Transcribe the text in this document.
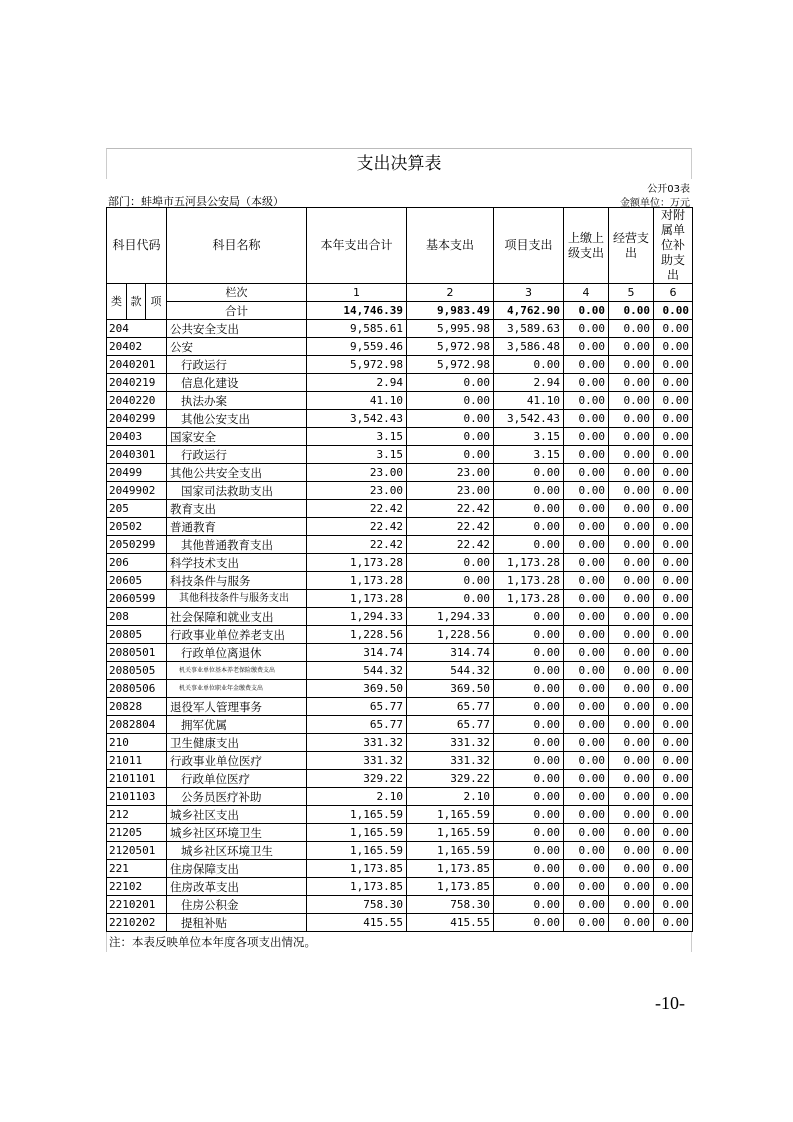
支出决算表
公开03表
部门：蚌埠市五河县公安局（本级）	金额单位：万元
科目代码			科目名称	本年支出合计	基本支出	项目支出	上缴上级支出	经营支出	对附属单位补助支出
类	款	项	栏次	1	2	3	4	5	6
			合计	14,746.39	9,983.49	4,762.90	0.00	0.00	0.00
204			公共安全支出	9,585.61	5,995.98	3,589.63	0.00	0.00	0.00
20402			公安	9,559.46	5,972.98	3,586.48	0.00	0.00	0.00
2040201			行政运行	5,972.98	5,972.98	0.00	0.00	0.00	0.00
2040219			信息化建设	2.94	0.00	2.94	0.00	0.00	0.00
2040220			执法办案	41.10	0.00	41.10	0.00	0.00	0.00
2040299			其他公安支出	3,542.43	0.00	3,542.43	0.00	0.00	0.00
20403			国家安全	3.15	0.00	3.15	0.00	0.00	0.00
2040301			行政运行	3.15	0.00	3.15	0.00	0.00	0.00
20499			其他公共安全支出	23.00	23.00	0.00	0.00	0.00	0.00
2049902			国家司法救助支出	23.00	23.00	0.00	0.00	0.00	0.00
205			教育支出	22.42	22.42	0.00	0.00	0.00	0.00
20502			普通教育	22.42	22.42	0.00	0.00	0.00	0.00
2050299			其他普通教育支出	22.42	22.42	0.00	0.00	0.00	0.00
206			科学技术支出	1,173.28	0.00	1,173.28	0.00	0.00	0.00
20605			科技条件与服务	1,173.28	0.00	1,173.28	0.00	0.00	0.00
2060599			其他科技条件与服务支出	1,173.28	0.00	1,173.28	0.00	0.00	0.00
208			社会保障和就业支出	1,294.33	1,294.33	0.00	0.00	0.00	0.00
20805			行政事业单位养老支出	1,228.56	1,228.56	0.00	0.00	0.00	0.00
2080501			行政单位离退休	314.74	314.74	0.00	0.00	0.00	0.00
2080505			机关事业单位基本养老保险缴费支出	544.32	544.32	0.00	0.00	0.00	0.00
2080506			机关事业单位职业年金缴费支出	369.50	369.50	0.00	0.00	0.00	0.00
20828			退役军人管理事务	65.77	65.77	0.00	0.00	0.00	0.00
2082804			拥军优属	65.77	65.77	0.00	0.00	0.00	0.00
210			卫生健康支出	331.32	331.32	0.00	0.00	0.00	0.00
21011			行政事业单位医疗	331.32	331.32	0.00	0.00	0.00	0.00
2101101			行政单位医疗	329.22	329.22	0.00	0.00	0.00	0.00
2101103			公务员医疗补助	2.10	2.10	0.00	0.00	0.00	0.00
212			城乡社区支出	1,165.59	1,165.59	0.00	0.00	0.00	0.00
21205			城乡社区环境卫生	1,165.59	1,165.59	0.00	0.00	0.00	0.00
2120501			城乡社区环境卫生	1,165.59	1,165.59	0.00	0.00	0.00	0.00
221			住房保障支出	1,173.85	1,173.85	0.00	0.00	0.00	0.00
22102			住房改革支出	1,173.85	1,173.85	0.00	0.00	0.00	0.00
2210201			住房公积金	758.30	758.30	0.00	0.00	0.00	0.00
2210202			提租补贴	415.55	415.55	0.00	0.00	0.00	0.00
注：本表反映单位本年度各项支出情况。
-10-
